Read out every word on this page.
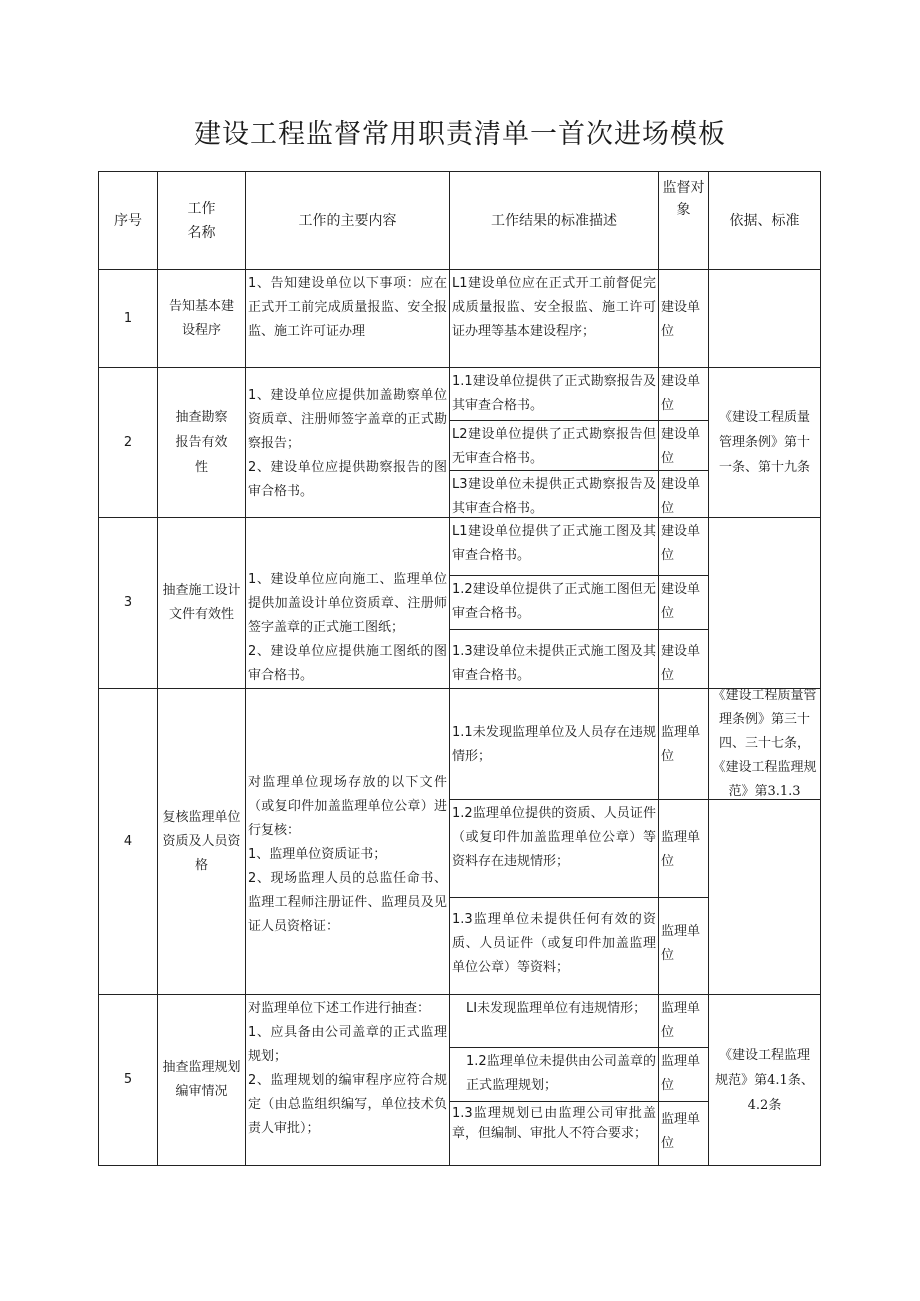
建设工程监督常用职责清单一首次进场模板
序号
工作
名称
工作的主要内容	工作结果的标准描述
监督对
象
依据、标准
1
告知基本建
设程序
1、告知建设单位以下事项：应在正式开工前完成质量报监、安全报监、施工许可证办理
L1建设单位应在正式开工前督促完成质量报监、安全报监、施工许可证办理等基本建设程序；
建设单
位
2
抽查勘察
报告有效
性
1、建设单位应提供加盖勘察单位资质章、注册师签字盖章的正式勘察报告；
2、建设单位应提供勘察报告的图审合格书。
1.1建设单位提供了正式勘察报告及其审查合格书。
建设单
位
L2建设单位提供了正式勘察报告但无审查合格书。
建设单
位
L3建设单位未提供正式勘察报告及其审查合格书。
建设单
位
《建设工程质量管理条例》第十一条、第十九条
3
抽查施工设计
文件有效性
1、建设单位应向施工、监理单位提供加盖设计单位资质章、注册师签字盖章的正式施工图纸；
2、建设单位应提供施工图纸的图审合格书。
L1建设单位提供了正式施工图及其审查合格书。
建设单
位
1.2建设单位提供了正式施工图但无审查合格书。
建设单
位
1.3建设单位未提供正式施工图及其审查合格书。
建设单
位
4
复核监理单位
资质及人员资
格
对监理单位现场存放的以下文件（或复印件加盖监理单位公章）进行复核：
1、监理单位资质证书；
2、现场监理人员的总监任命书、监理工程师注册证件、监理员及见证人员资格证：
1.1未发现监理单位及人员存在违规情形；
监理单
位
《建设工程质量管理条例》第三十四、三十七条，《建设工程监理规范》第3.1.3
1.2监理单位提供的资质、人员证件（或复印件加盖监理单位公章）等资料存在违规情形；
监理单
位
1.3监理单位未提供任何有效的资质、人员证件（或复印件加盖监理单位公章）等资料；
监理单
位
5
抽查监理规划
编审情况
对监理单位下述工作进行抽查：
1、应具备由公司盖章的正式监理规划；
2、监理规划的编审程序应符合规定（由总监组织编写，单位技术负责人审批）；
LI未发现监理单位有违规情形；	监理单
位
1.2监理单位未提供由公司盖章的正式监理规划；
监理单
位
1.3监理规划已由监理公司审批盖章，但编制、审批人不符合要求；
监理单
位
《建设工程监理规范》第4.1条、4.2条
